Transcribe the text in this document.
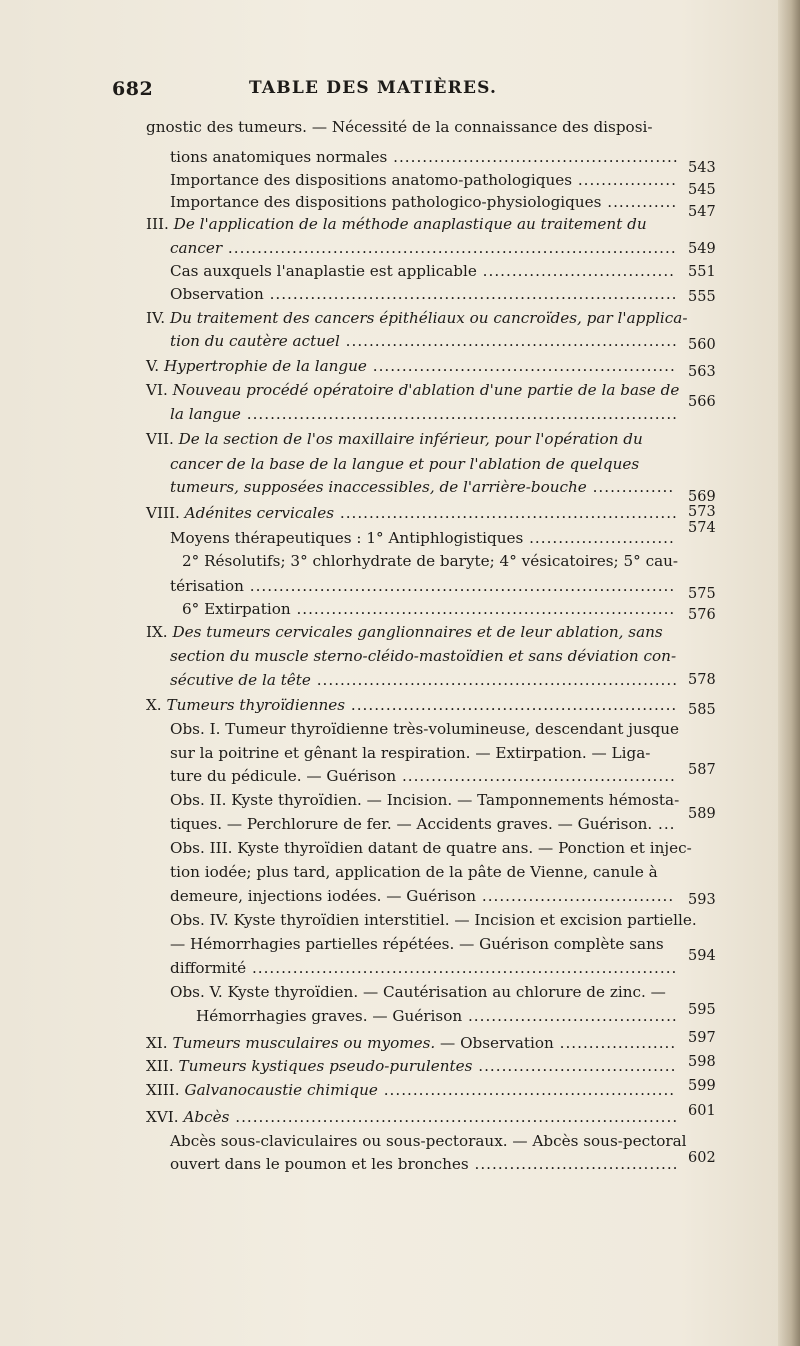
682	TABLE DES MATIÈRES.
gnostic des tumeurs. — Nécessité de la connaissance des disposi-
tions anatomiques normales .................................................
543
Importance des dispositions anatomo-pathologiques .................
545
Importance des dispositions pathologico-physiologiques ............
547
III. De l'application de la méthode anaplastique au traitement du
cancer ............................................................................. 549
Cas auxquels l'anaplastie est applicable ................................. 551
Observation ...................................................................... 555
IV. Du traitement des cancers épithéliaux ou cancroïdes, par l'applica-
tion du cautère actuel ......................................................... 560
V. Hypertrophie de la langue .................................................... 563
VI. Nouveau procédé opératoire d'ablation d'une partie de la base de
la langue ..........................................................................
566
VII. De la section de l'os maxillaire inférieur, pour l'opération du
cancer de la base de la langue et pour l'ablation de quelques
tumeurs, supposées inaccessibles, de l'arrière-bouche ..............
569
VIII. Adénites cervicales .......................................................... 573
Moyens thérapeutiques : 1° Antiphlogistiques .........................
574
2° Résolutifs; 3° chlorhydrate de baryte; 4° vésicatoires; 5° cau-
térisation ......................................................................... 575
6° Extirpation ................................................................. 576
IX. Des tumeurs cervicales ganglionnaires et de leur ablation, sans
section du muscle sterno-cléido-mastoïdien et sans déviation con-
sécutive de la tête .............................................................. 578
X. Tumeurs thyroïdiennes ........................................................ 585
Obs. I. Tumeur thyroïdienne très-volumineuse, descendant jusque
sur la poitrine et gênant la respiration. — Extirpation. — Liga-
ture du pédicule. — Guérison ............................................... 587
Obs. II. Kyste thyroïdien. — Incision. — Tamponnements hémosta-
tiques. — Perchlorure de fer. — Accidents graves. — Guérison. ...
589
Obs. III. Kyste thyroïdien datant de quatre ans. — Ponction et injec-
tion iodée; plus tard, application de la pâte de Vienne, canule à
demeure, injections iodées. — Guérison ................................. 593
Obs. IV. Kyste thyroïdien interstitiel. — Incision et excision partielle.
— Hémorrhagies partielles répétées. — Guérison complète sans
difformité .........................................................................
594
Obs. V. Kyste thyroïdien. — Cautérisation au chlorure de zinc. —
Hémorrhagies graves. — Guérison .................................... 595
XI. Tumeurs musculaires ou myomes. — Observation .................... 597
XII. Tumeurs kystiques pseudo-purulentes .................................. 598
XIII. Galvanocaustie chimique .................................................. 599
XVI. Abcès ............................................................................ 601
Abcès sous-claviculaires ou sous-pectoraux. — Abcès sous-pectoral
ouvert dans le poumon et les bronches ................................... 602
